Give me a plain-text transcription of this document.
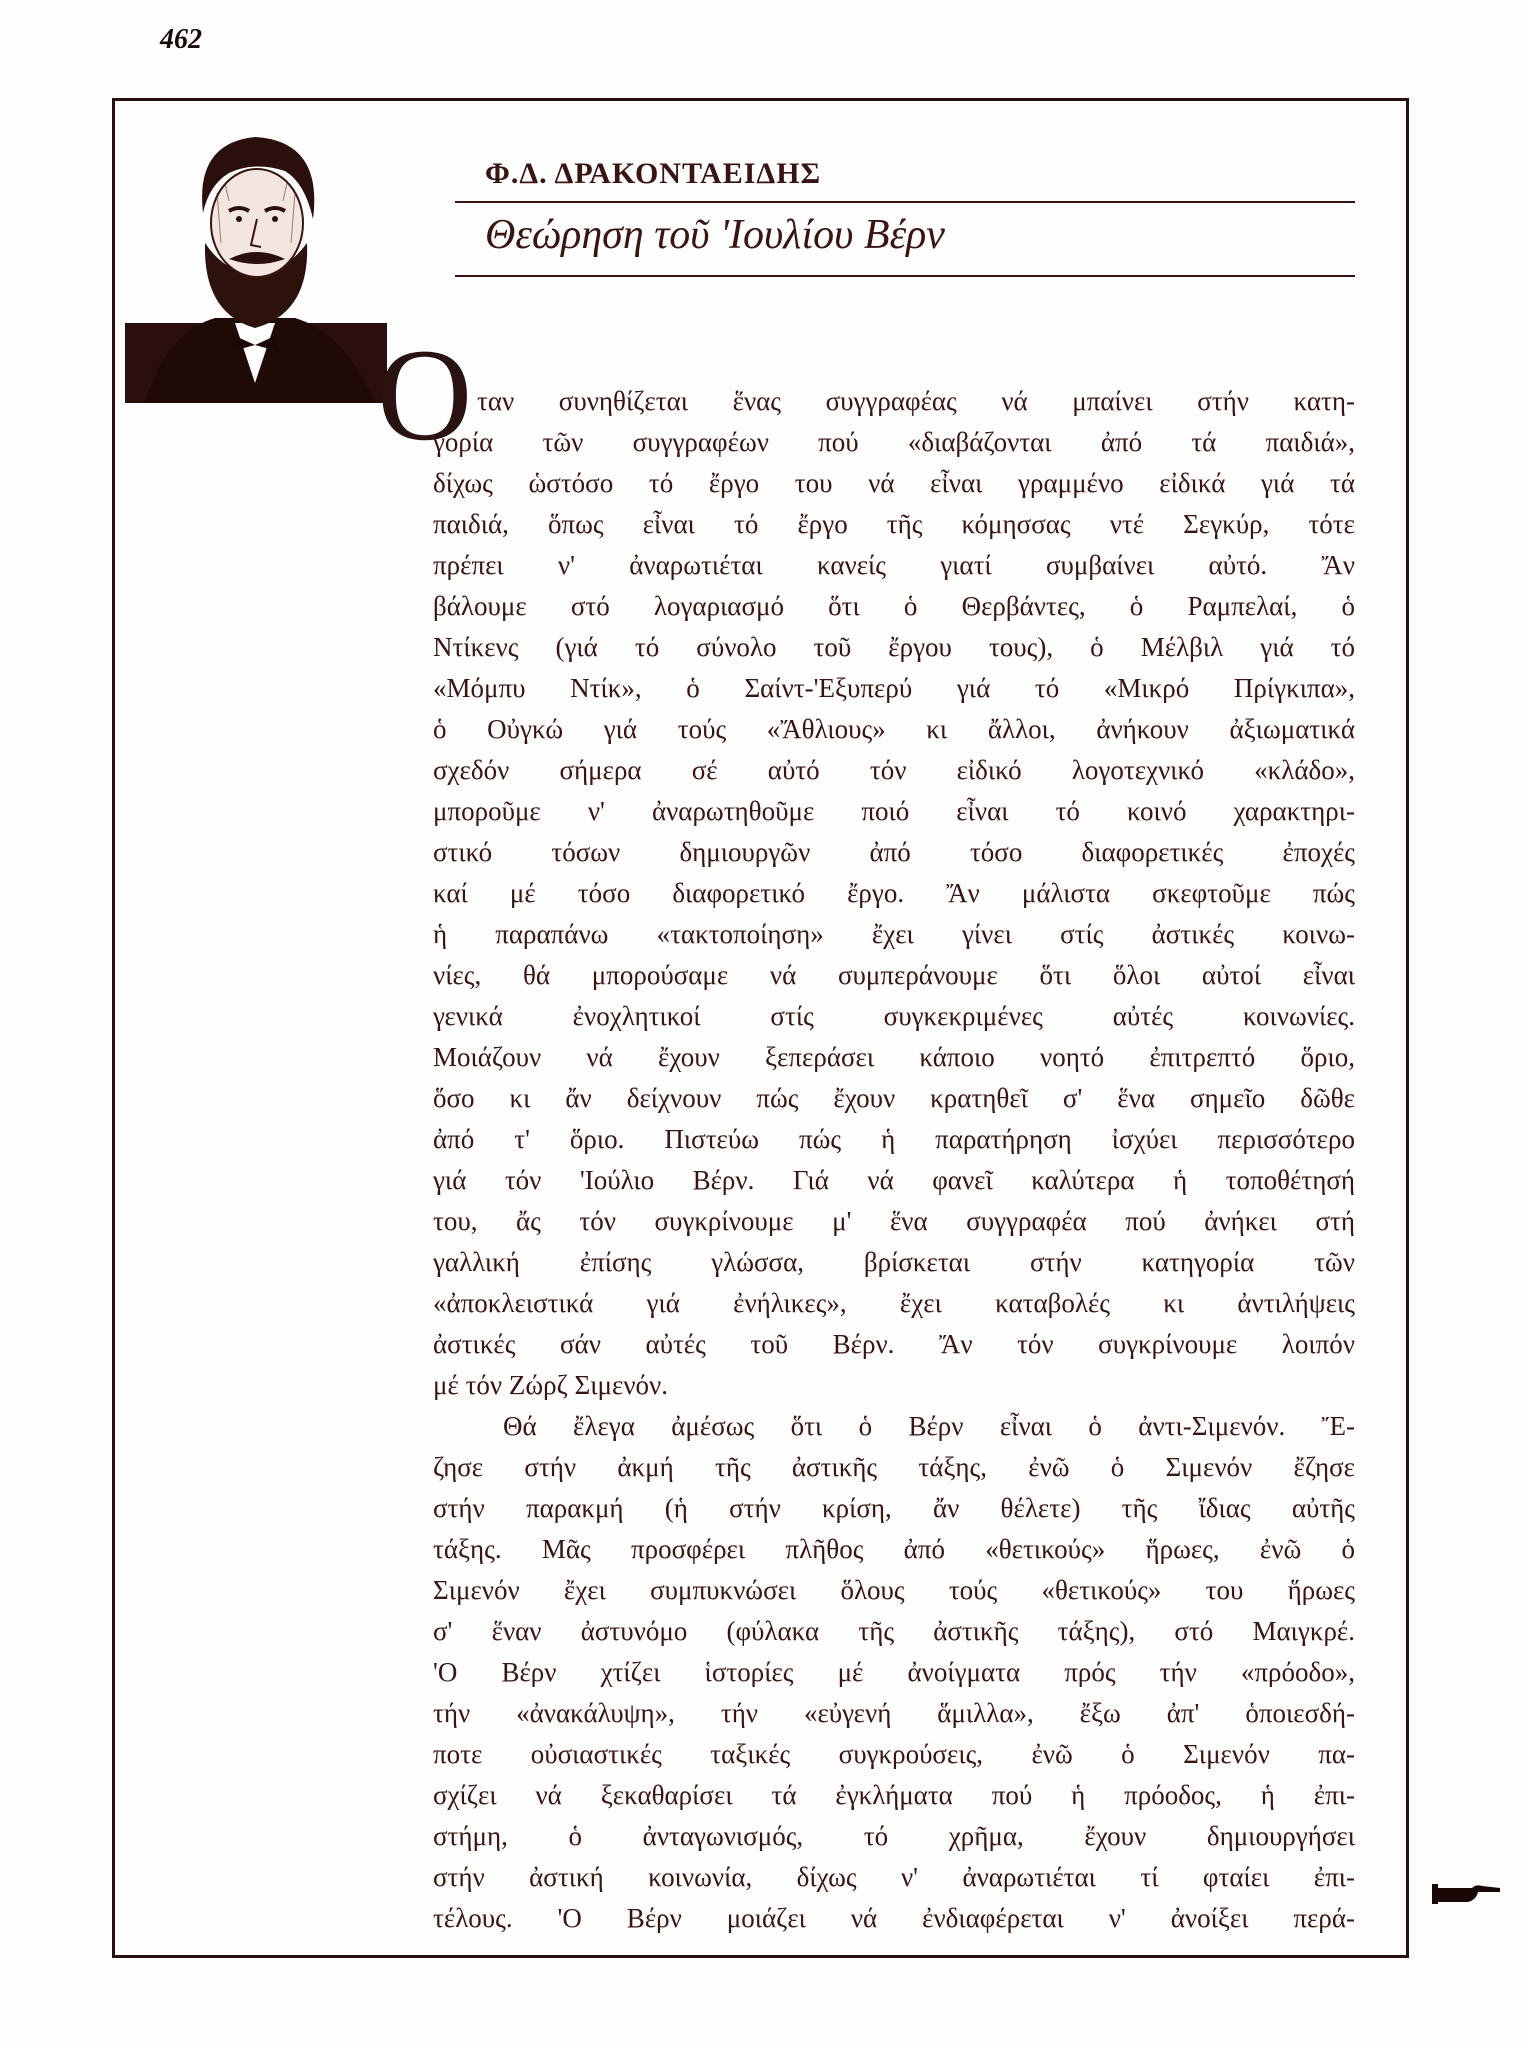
462
Φ.Δ. ΔΡΑΚΟΝΤΑΕΙΔΗΣ
Θεώρηση τοῦ 'Ιουλίου Βέρν
Ο ταν συνηθίζεται ἕνας συγγραφέας νά μπαίνει στήν κατη-
γορία τῶν συγγραφέων πού «διαβάζονται ἀπό τά παιδιά»,
δίχως ὡστόσο τό ἔργο του νά εἶναι γραμμένο εἰδικά γιά τά
παιδιά, ὅπως εἶναι τό ἔργο τῆς κόμησσας ντέ Σεγκύρ, τότε
πρέπει ν' ἀναρωτιέται κανείς γιατί συμβαίνει αὐτό. Ἄν
βάλουμε στό λογαριασμό ὅτι ὁ Θερβάντες, ὁ Ραμπελαί, ὁ
Ντίκενς (γιά τό σύνολο τοῦ ἔργου τους), ὁ Μέλβιλ γιά τό
«Μόμπυ Ντίκ», ὁ Σαίντ-'Εξυπερύ γιά τό «Μικρό Πρίγκιπα»,
ὁ Οὐγκώ γιά τούς «Ἄθλιους» κι ἄλλοι, ἀνήκουν ἀξιωματικά
σχεδόν σήμερα σέ αὐτό τόν εἰδικό λογοτεχνικό «κλάδο»,
μποροῦμε ν' ἀναρωτηθοῦμε ποιό εἶναι τό κοινό χαρακτηρι-
στικό τόσων δημιουργῶν ἀπό τόσο διαφορετικές ἐποχές
καί μέ τόσο διαφορετικό ἔργο. Ἄν μάλιστα σκεφτοῦμε πώς
ἡ παραπάνω «τακτοποίηση» ἔχει γίνει στίς ἀστικές κοινω-
νίες, θά μπορούσαμε νά συμπεράνουμε ὅτι ὅλοι αὐτοί εἶναι
γενικά ἐνοχλητικοί στίς συγκεκριμένες αὐτές κοινωνίες.
Μοιάζουν νά ἔχουν ξεπεράσει κάποιο νοητό ἐπιτρεπτό ὅριο,
ὅσο κι ἄν δείχνουν πώς ἔχουν κρατηθεῖ σ' ἕνα σημεῖο δῶθε
ἀπό τ' ὅριο. Πιστεύω πώς ἡ παρατήρηση ἰσχύει περισσότερο
γιά τόν 'Ιούλιο Βέρν. Γιά νά φανεῖ καλύτερα ἡ τοποθέτησή
του, ἄς τόν συγκρίνουμε μ' ἕνα συγγραφέα πού ἀνήκει στή
γαλλική ἐπίσης γλώσσα, βρίσκεται στήν κατηγορία τῶν
«ἀποκλειστικά γιά ἐνήλικες», ἔχει καταβολές κι ἀντιλήψεις
ἀστικές σάν αὐτές τοῦ Βέρν. Ἄν τόν συγκρίνουμε λοιπόν
μέ τόν Ζώρζ Σιμενόν.
Θά ἔλεγα ἀμέσως ὅτι ὁ Βέρν εἶναι ὁ ἀντι-Σιμενόν. Ἔ-
ζησε στήν ἀκμή τῆς ἀστικῆς τάξης, ἐνῶ ὁ Σιμενόν ἔζησε
στήν παρακμή (ἡ στήν κρίση, ἄν θέλετε) τῆς ἴδιας αὐτῆς
τάξης. Μᾶς προσφέρει πλῆθος ἀπό «θετικούς» ἥρωες, ἐνῶ ὁ
Σιμενόν ἔχει συμπυκνώσει ὅλους τούς «θετικούς» του ἥρωες
σ' ἕναν ἀστυνόμο (φύλακα τῆς ἀστικῆς τάξης), στό Μαιγκρέ.
'Ο Βέρν χτίζει ἱστορίες μέ ἀνοίγματα πρός τήν «πρόοδο»,
τήν «ἀνακάλυψη», τήν «εὐγενή ἅμιλλα», ἔξω ἀπ' ὁποιεσδή-
ποτε οὐσιαστικές ταξικές συγκρούσεις, ἐνῶ ὁ Σιμενόν πα-
σχίζει νά ξεκαθαρίσει τά ἐγκλήματα πού ἡ πρόοδος, ἡ ἐπι-
στήμη, ὁ ἀνταγωνισμός, τό χρῆμα, ἔχουν δημιουργήσει
στήν ἀστική κοινωνία, δίχως ν' ἀναρωτιέται τί φταίει ἐπι-
τέλους. 'Ο Βέρν μοιάζει νά ἐνδιαφέρεται ν' ἀνοίξει περά-
